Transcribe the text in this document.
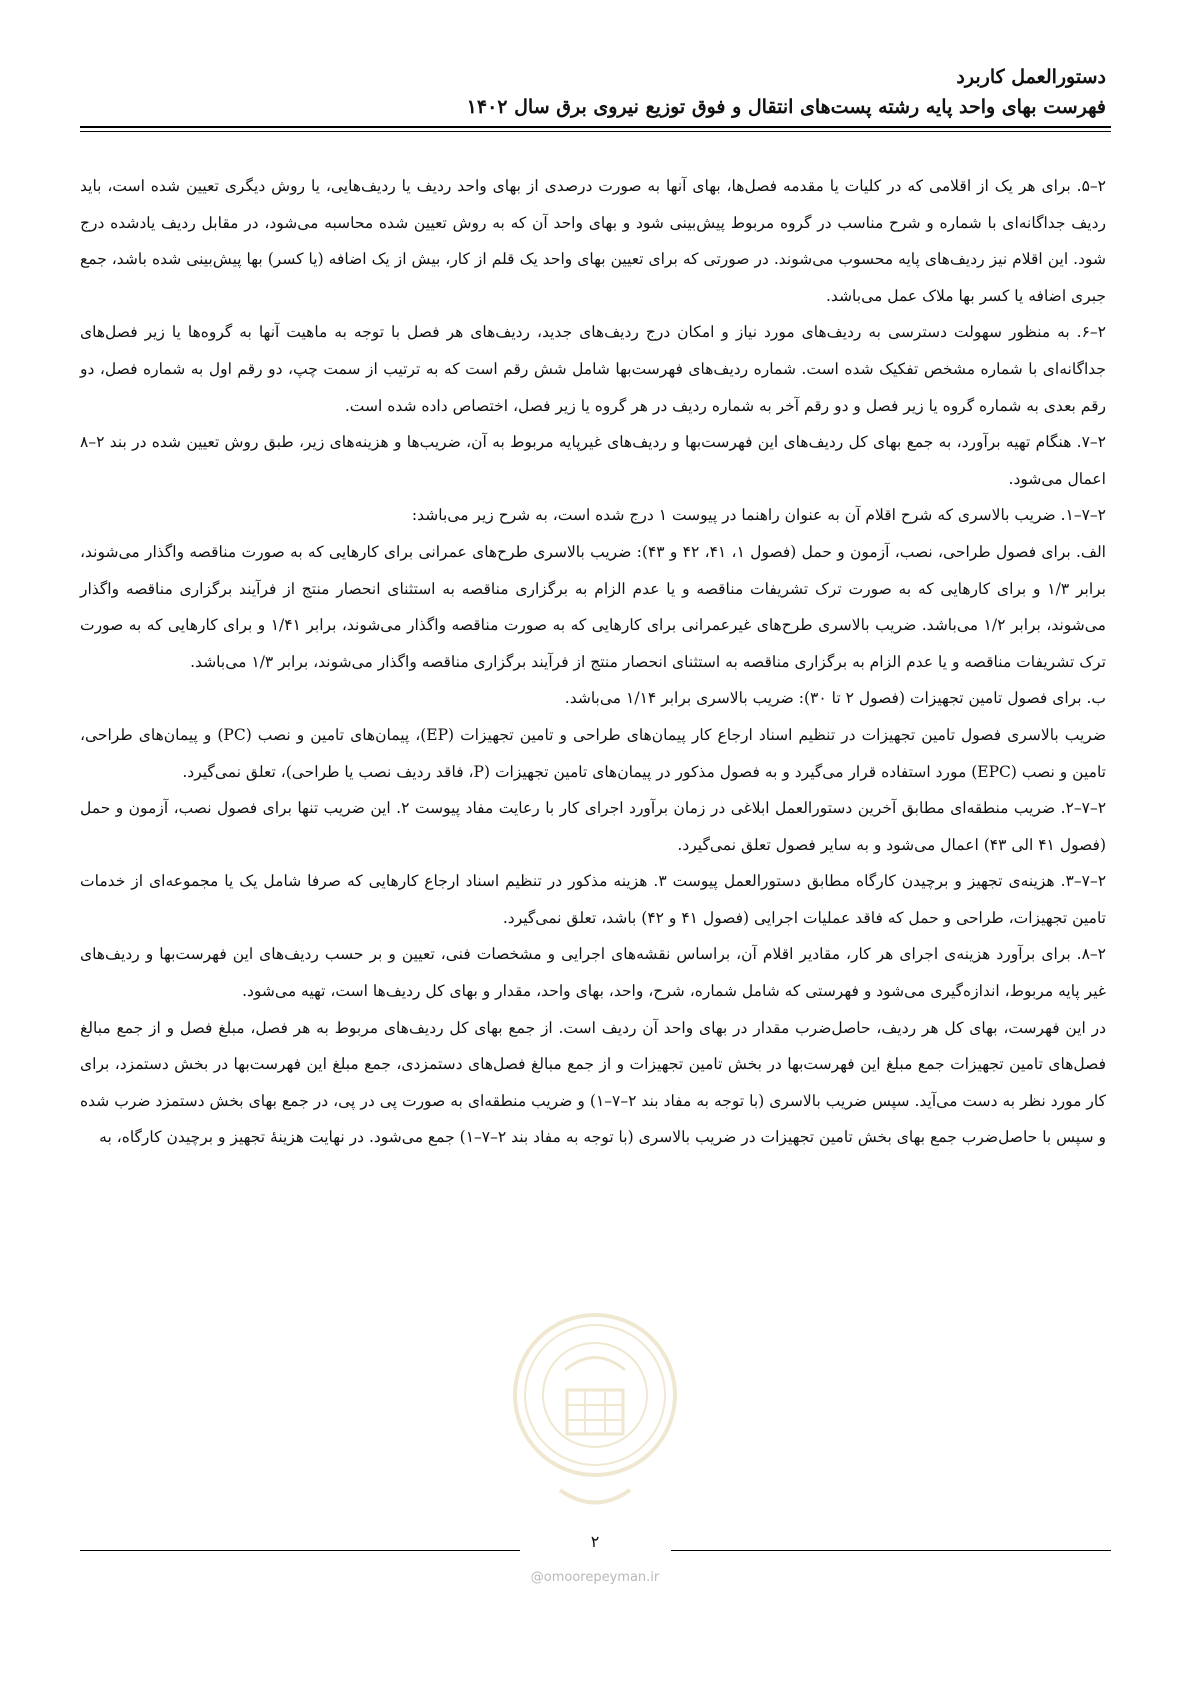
دستورالعمل کاربرد
فهرست بهای واحد پایه رشته پست‌های انتقال و فوق توزیع نیروی برق سال ۱۴۰۲

۲–۵. برای هر یک از اقلامی که در کلیات یا مقدمه فصل‌ها، بهای آنها به صورت درصدی از بهای واحد ردیف یا ردیف‌هایی، یا روش دیگری تعیین شده است، باید ردیف جداگانه‌ای با شماره و شرح مناسب در گروه مربوط پیش‌بینی شود و بهای واحد آن که به روش تعیین شده محاسبه می‌شود، در مقابل ردیف یادشده درج شود. این اقلام نیز ردیف‌های پایه محسوب می‌شوند. در صورتی که برای تعیین بهای واحد یک قلم از کار، بیش از یک اضافه (یا کسر) بها پیش‌بینی شده باشد، جمع جبری اضافه یا کسر بها ملاک عمل می‌باشد.

۲–۶. به منظور سهولت دسترسی به ردیف‌های مورد نیاز و امکان درج ردیف‌های جدید، ردیف‌های هر فصل با توجه به ماهیت آنها به گروه‌ها یا زیر فصل‌های جداگانه‌ای با شماره مشخص تفکیک شده است. شماره ردیف‌های فهرست‌بها شامل شش رقم است که به ترتیب از سمت چپ، دو رقم اول به شماره فصل، دو رقم بعدی به شماره گروه یا زیر فصل و دو رقم آخر به شماره ردیف در هر گروه یا زیر فصل، اختصاص داده شده است.

۲–۷. هنگام تهیه برآورد، به جمع بهای کل ردیف‌های این فهرست‌بها و ردیف‌های غیرپایه مربوط به آن، ضریب‌ها و هزینه‌های زیر، طبق روش تعیین شده در بند ۲–۸ اعمال می‌شود.

۲–۷–۱. ضریب بالاسری که شرح اقلام آن به عنوان راهنما در پیوست ۱ درج شده است، به شرح زیر می‌باشد:

الف. برای فصول طراحی، نصب، آزمون و حمل (فصول ۱، ۴۱، ۴۲ و ۴۳): ضریب بالاسری طرح‌های عمرانی برای کارهایی که به صورت مناقصه واگذار می‌شوند، برابر ۱/۳ و برای کارهایی که به صورت ترک تشریفات مناقصه و یا عدم الزام به برگزاری مناقصه به استثنای انحصار منتج از فرآیند برگزاری مناقصه واگذار می‌شوند، برابر ۱/۲ می‌باشد. ضریب بالاسری طرح‌های غیرعمرانی برای کارهایی که به صورت مناقصه واگذار می‌شوند، برابر ۱/۴۱ و برای کارهایی که به صورت ترک تشریفات مناقصه و یا عدم الزام به برگزاری مناقصه به استثنای انحصار منتج از فرآیند برگزاری مناقصه واگذار می‌شوند، برابر ۱/۳ می‌باشد.

ب. برای فصول تامین تجهیزات (فصول ۲ تا ۳۰): ضریب بالاسری برابر ۱/۱۴ می‌باشد.

ضریب بالاسری فصول تامین تجهیزات در تنظیم اسناد ارجاع کار پیمان‌های طراحی و تامین تجهیزات (EP)، پیمان‌های تامین و نصب (PC) و پیمان‌های طراحی، تامین و نصب (EPC) مورد استفاده قرار می‌گیرد و به فصول مذکور در پیمان‌های تامین تجهیزات (P، فاقد ردیف نصب یا طراحی)، تعلق نمی‌گیرد.

۲–۷–۲. ضریب منطقه‌ای مطابق آخرین دستورالعمل ابلاغی در زمان برآورد اجرای کار با رعایت مفاد پیوست ۲. این ضریب تنها برای فصول نصب، آزمون و حمل (فصول ۴۱ الی ۴۳) اعمال می‌شود و به سایر فصول تعلق نمی‌گیرد.

۲–۷–۳. هزینه‌ی تجهیز و برچیدن کارگاه مطابق دستورالعمل پیوست ۳. هزینه مذکور در تنظیم اسناد ارجاع کارهایی که صرفا شامل یک یا مجموعه‌ای از خدمات تامین تجهیزات، طراحی و حمل که فاقد عملیات اجرایی (فصول ۴۱ و ۴۲) باشد، تعلق نمی‌گیرد.

۲–۸. برای برآورد هزینه‌ی اجرای هر کار، مقادیر اقلام آن، براساس نقشه‌های اجرایی و مشخصات فنی، تعیین و بر حسب ردیف‌های این فهرست‌بها و ردیف‌های غیر پایه مربوط، اندازه‌گیری می‌شود و فهرستی که شامل شماره، شرح، واحد، بهای واحد، مقدار و بهای کل ردیف‌ها است، تهیه می‌شود.

در این فهرست، بهای کل هر ردیف، حاصل‌ضرب مقدار در بهای واحد آن ردیف است. از جمع بهای کل ردیف‌های مربوط به هر فصل، مبلغ فصل و از جمع مبالغ فصل‌های تامین تجهیزات جمع مبلغ این فهرست‌بها در بخش تامین تجهیزات و از جمع مبالغ فصل‌های دستمزدی، جمع مبلغ این فهرست‌بها در بخش دستمزد، برای کار مورد نظر به دست می‌آید. سپس ضریب بالاسری (با توجه به مفاد بند ۲–۷–۱) و ضریب منطقه‌ای به صورت پی در پی، در جمع بهای بخش دستمزد ضرب شده و سپس با حاصل‌ضرب جمع بهای بخش تامین تجهیزات در ضریب بالاسری (با توجه به مفاد بند ۲–۷–۱) جمع می‌شود. در نهایت هزینهٔ تجهیز و برچیدن کارگاه، به

۲
@omoorepeyman.ir
